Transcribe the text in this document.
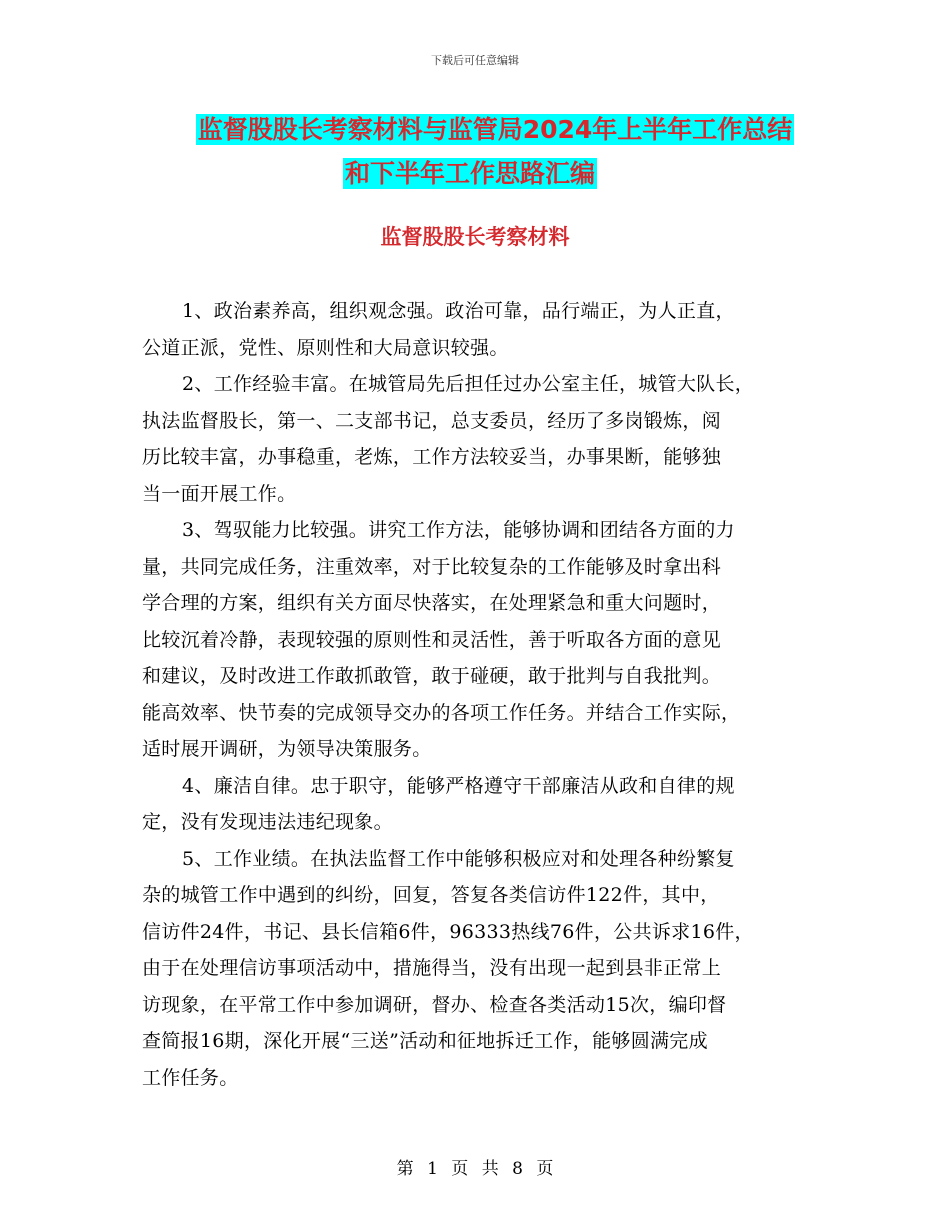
下载后可任意编辑
监督股股长考察材料与监管局2024年上半年工作总结
和下半年工作思路汇编
监督股股长考察材料

1、政治素养高，组织观念强。政治可靠，品行端正，为人正直，
公道正派，党性、原则性和大局意识较强。

2、工作经验丰富。在城管局先后担任过办公室主任，城管大队长，
执法监督股长，第一、二支部书记，总支委员，经历了多岗锻炼，阅
历比较丰富，办事稳重，老炼，工作方法较妥当，办事果断，能够独
当一面开展工作。

3、驾驭能力比较强。讲究工作方法，能够协调和团结各方面的力
量，共同完成任务，注重效率，对于比较复杂的工作能够及时拿出科
学合理的方案，组织有关方面尽快落实，在处理紧急和重大问题时，
比较沉着冷静，表现较强的原则性和灵活性，善于听取各方面的意见
和建议，及时改进工作敢抓敢管，敢于碰硬，敢于批判与自我批判。
能高效率、快节奏的完成领导交办的各项工作任务。并结合工作实际，
适时展开调研，为领导决策服务。

4、廉洁自律。忠于职守，能够严格遵守干部廉洁从政和自律的规
定，没有发现违法违纪现象。

5、工作业绩。在执法监督工作中能够积极应对和处理各种纷繁复
杂的城管工作中遇到的纠纷，回复，答复各类信访件122件，其中，
信访件24件，书记、县长信箱6件，96333热线76件，公共诉求16件，
由于在处理信访事项活动中，措施得当，没有出现一起到县非正常上
访现象，在平常工作中参加调研，督办、检查各类活动15次，编印督
查简报16期，深化开展“三送”活动和征地拆迁工作，能够圆满完成
工作任务。

第 1 页 共 8 页
